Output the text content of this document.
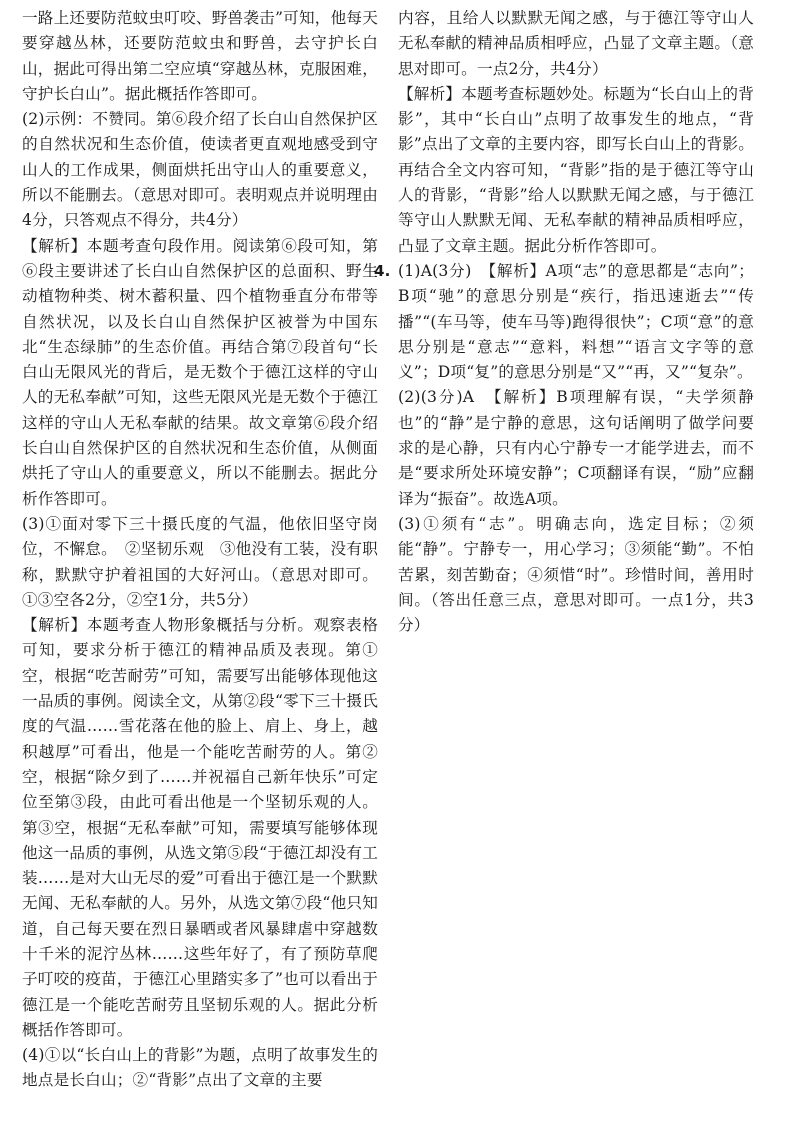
一路上还要防范蚊虫叮咬、野兽袭击”可知，他每天要穿越丛林，还要防范蚊虫和野兽，去守护长白山，据此可得出第二空应填“穿越丛林，克服困难，守护长白山”。据此概括作答即可。

(2)示例：不赞同。第⑥段介绍了长白山自然保护区的自然状况和生态价值，使读者更直观地感受到守山人的工作成果，侧面烘托出守山人的重要意义，所以不能删去。（意思对即可。表明观点并说明理由4分，只答观点不得分，共4分）

【解析】本题考查句段作用。阅读第⑥段可知，第⑥段主要讲述了长白山自然保护区的总面积、野生动植物种类、树木蓄积量、四个植物垂直分布带等自然状况，以及长白山自然保护区被誉为中国东北“生态绿肺”的生态价值。再结合第⑦段首句“长白山无限风光的背后，是无数个于德江这样的守山人的无私奉献”可知，这些无限风光是无数个于德江这样的守山人无私奉献的结果。故文章第⑥段介绍长白山自然保护区的自然状况和生态价值，从侧面烘托了守山人的重要意义，所以不能删去。据此分析作答即可。

(3)①面对零下三十摄氏度的气温，他依旧坚守岗位，不懈怠。　②坚韧乐观　③他没有工装，没有职称，默默守护着祖国的大好河山。（意思对即可。①③空各2分，②空1分，共5分）

【解析】本题考查人物形象概括与分析。观察表格可知，要求分析于德江的精神品质及表现。第①空，根据“吃苦耐劳”可知，需要写出能够体现他这一品质的事例。阅读全文，从第②段“零下三十摄氏度的气温……雪花落在他的脸上、肩上、身上，越积越厚”可看出，他是一个能吃苦耐劳的人。第②空，根据“除夕到了……并祝福自己新年快乐”可定位至第③段，由此可看出他是一个坚韧乐观的人。第③空，根据“无私奉献”可知，需要填写能够体现他这一品质的事例，从选文第⑤段“于德江却没有工装……是对大山无尽的爱”可看出于德江是一个默默无闻、无私奉献的人。另外，从选文第⑦段“他只知道，自己每天要在烈日暴晒或者风暴肆虐中穿越数十千米的泥泞丛林……这些年好了，有了预防草爬子叮咬的疫苗，于德江心里踏实多了”也可以看出于德江是一个能吃苦耐劳且坚韧乐观的人。据此分析概括作答即可。

(4)①以“长白山上的背影”为题，点明了故事发生的地点是长白山；②“背影”点出了文章的主要

内容，且给人以默默无闻之感，与于德江等守山人无私奉献的精神品质相呼应，凸显了文章主题。（意思对即可。一点2分，共4分）

【解析】本题考查标题妙处。标题为“长白山上的背影”，其中“长白山”点明了故事发生的地点，“背影”点出了文章的主要内容，即写长白山上的背影。再结合全文内容可知，“背影”指的是于德江等守山人的背影，“背影”给人以默默无闻之感，与于德江等守山人默默无闻、无私奉献的精神品质相呼应，凸显了文章主题。据此分析作答即可。

4. (1)A(3分)　【解析】A项“志”的意思都是“志向”；B项“驰”的意思分别是“疾行，指迅速逝去”“传播”“(车马等，使车马等)跑得很快”；C项“意”的意思分别是“意志”“意料，料想”“语言文字等的意义”；D项“复”的意思分别是“又”“再，又”“复杂”。

(2)(3分)A　【解析】B项理解有误，“夫学须静也”的“静”是宁静的意思，这句话阐明了做学问要求的是心静，只有内心宁静专一才能学进去，而不是“要求所处环境安静”；C项翻译有误，“励”应翻译为“振奋”。故选A项。

(3)①须有“志”。明确志向，选定目标；②须能“静”。宁静专一，用心学习；③须能“勤”。不怕苦累，刻苦勤奋；④须惜“时”。珍惜时间，善用时间。（答出任意三点，意思对即可。一点1分，共3分）
